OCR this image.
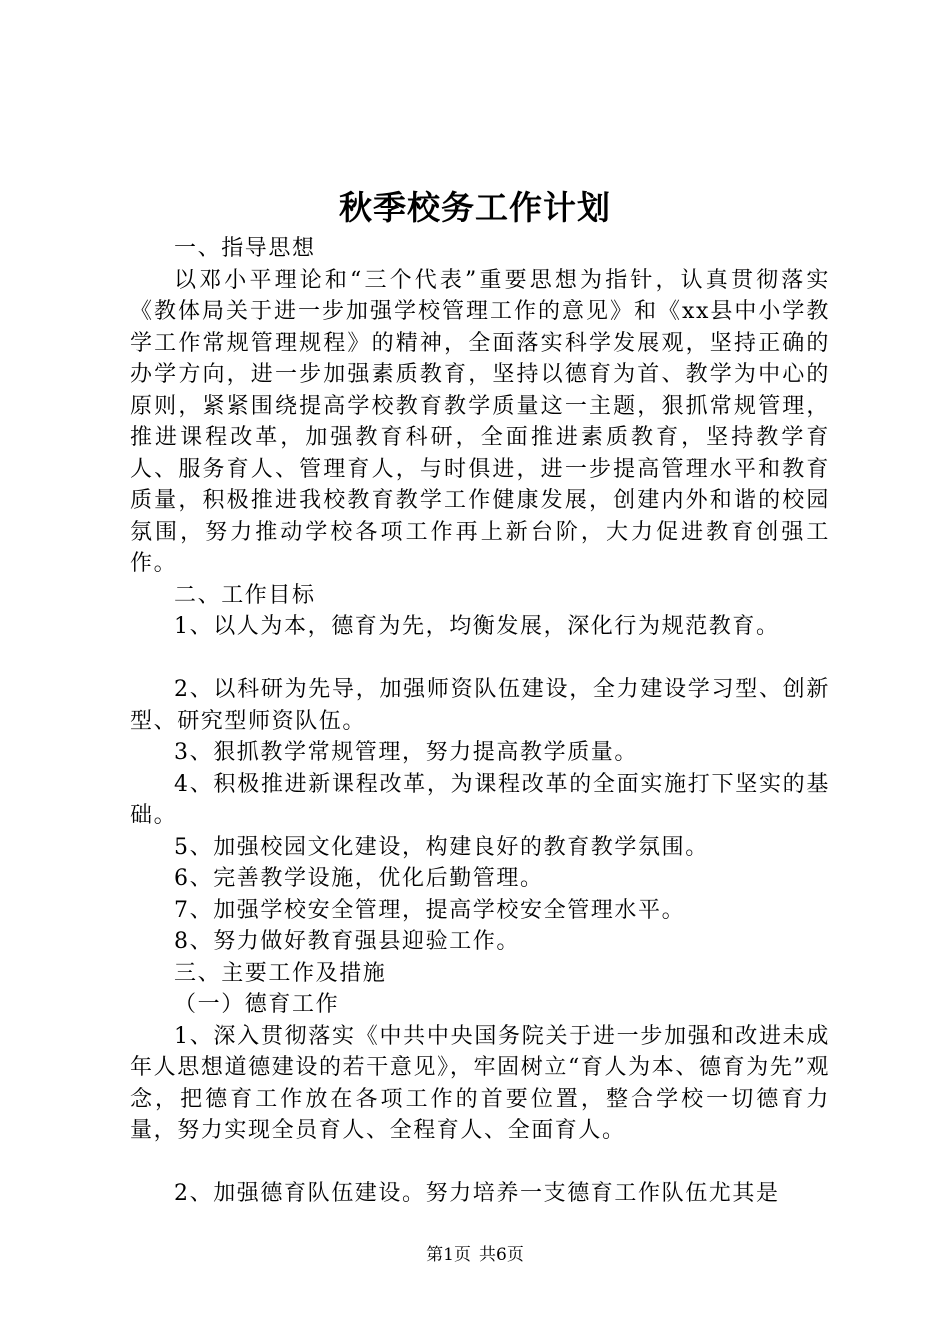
秋季校务工作计划

一、指导思想

以邓小平理论和“三个代表”重要思想为指针，认真贯彻落实《教体局关于进一步加强学校管理工作的意见》和《xx县中小学教学工作常规管理规程》的精神，全面落实科学发展观，坚持正确的办学方向，进一步加强素质教育，坚持以德育为首、教学为中心的原则，紧紧围绕提高学校教育教学质量这一主题，狠抓常规管理，推进课程改革，加强教育科研，全面推进素质教育，坚持教学育人、服务育人、管理育人，与时俱进，进一步提高管理水平和教育质量，积极推进我校教育教学工作健康发展，创建内外和谐的校园氛围，努力推动学校各项工作再上新台阶，大力促进教育创强工作。

二、工作目标

1、以人为本，德育为先，均衡发展，深化行为规范教育。

2、以科研为先导，加强师资队伍建设，全力建设学习型、创新型、研究型师资队伍。

3、狠抓教学常规管理，努力提高教学质量。

4、积极推进新课程改革，为课程改革的全面实施打下坚实的基础。

5、加强校园文化建设，构建良好的教育教学氛围。

6、完善教学设施，优化后勤管理。

7、加强学校安全管理，提高学校安全管理水平。

8、努力做好教育强县迎验工作。

三、主要工作及措施

（一）德育工作

1、深入贯彻落实《中共中央国务院关于进一步加强和改进未成年人思想道德建设的若干意见》，牢固树立“育人为本、德育为先”观念，把德育工作放在各项工作的首要位置，整合学校一切德育力量，努力实现全员育人、全程育人、全面育人。

2、加强德育队伍建设。努力培养一支德育工作队伍尤其是

第1页 共6页
